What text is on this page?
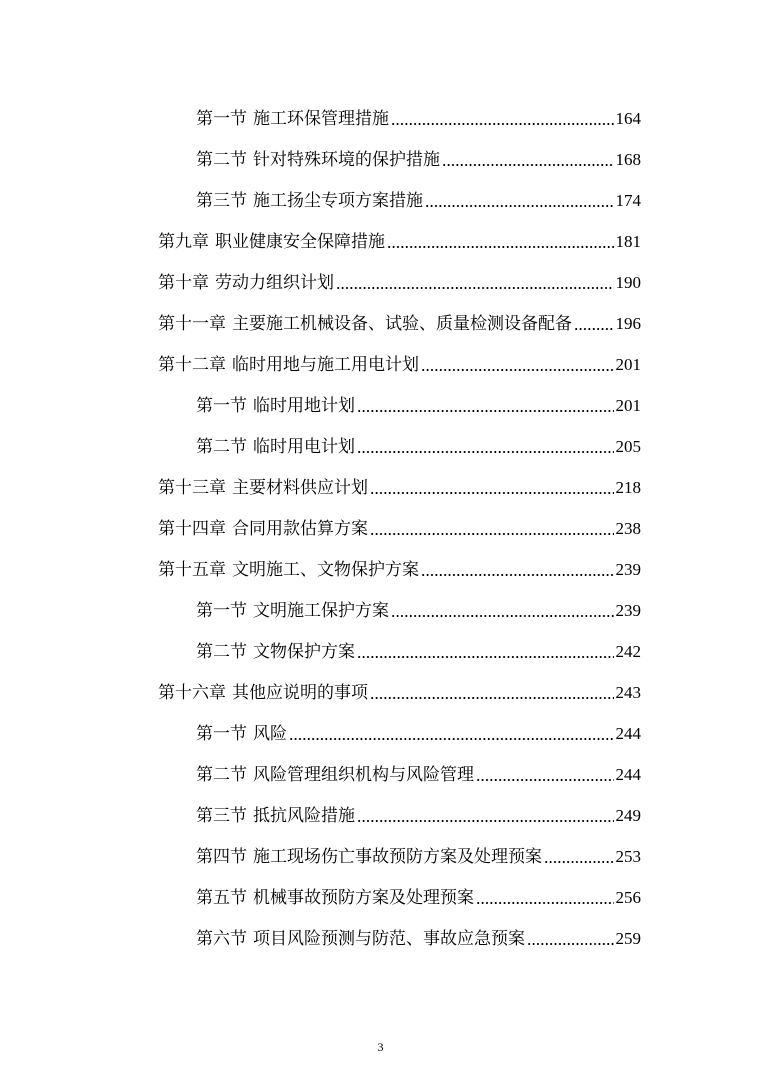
第一节 施工环保管理措施	164
第二节 针对特殊环境的保护措施	168
第三节 施工扬尘专项方案措施	174
第九章 职业健康安全保障措施	181
第十章 劳动力组织计划	190
第十一章 主要施工机械设备、试验、质量检测设备配备	196
第十二章 临时用地与施工用电计划	201
第一节 临时用地计划	201
第二节 临时用电计划	205
第十三章 主要材料供应计划	218
第十四章 合同用款估算方案	238
第十五章 文明施工、文物保护方案	239
第一节 文明施工保护方案	239
第二节 文物保护方案	242
第十六章 其他应说明的事项	243
第一节 风险	244
第二节 风险管理组织机构与风险管理	244
第三节 抵抗风险措施	249
第四节 施工现场伤亡事故预防方案及处理预案	253
第五节 机械事故预防方案及处理预案	256
第六节 项目风险预测与防范、事故应急预案	259
3
